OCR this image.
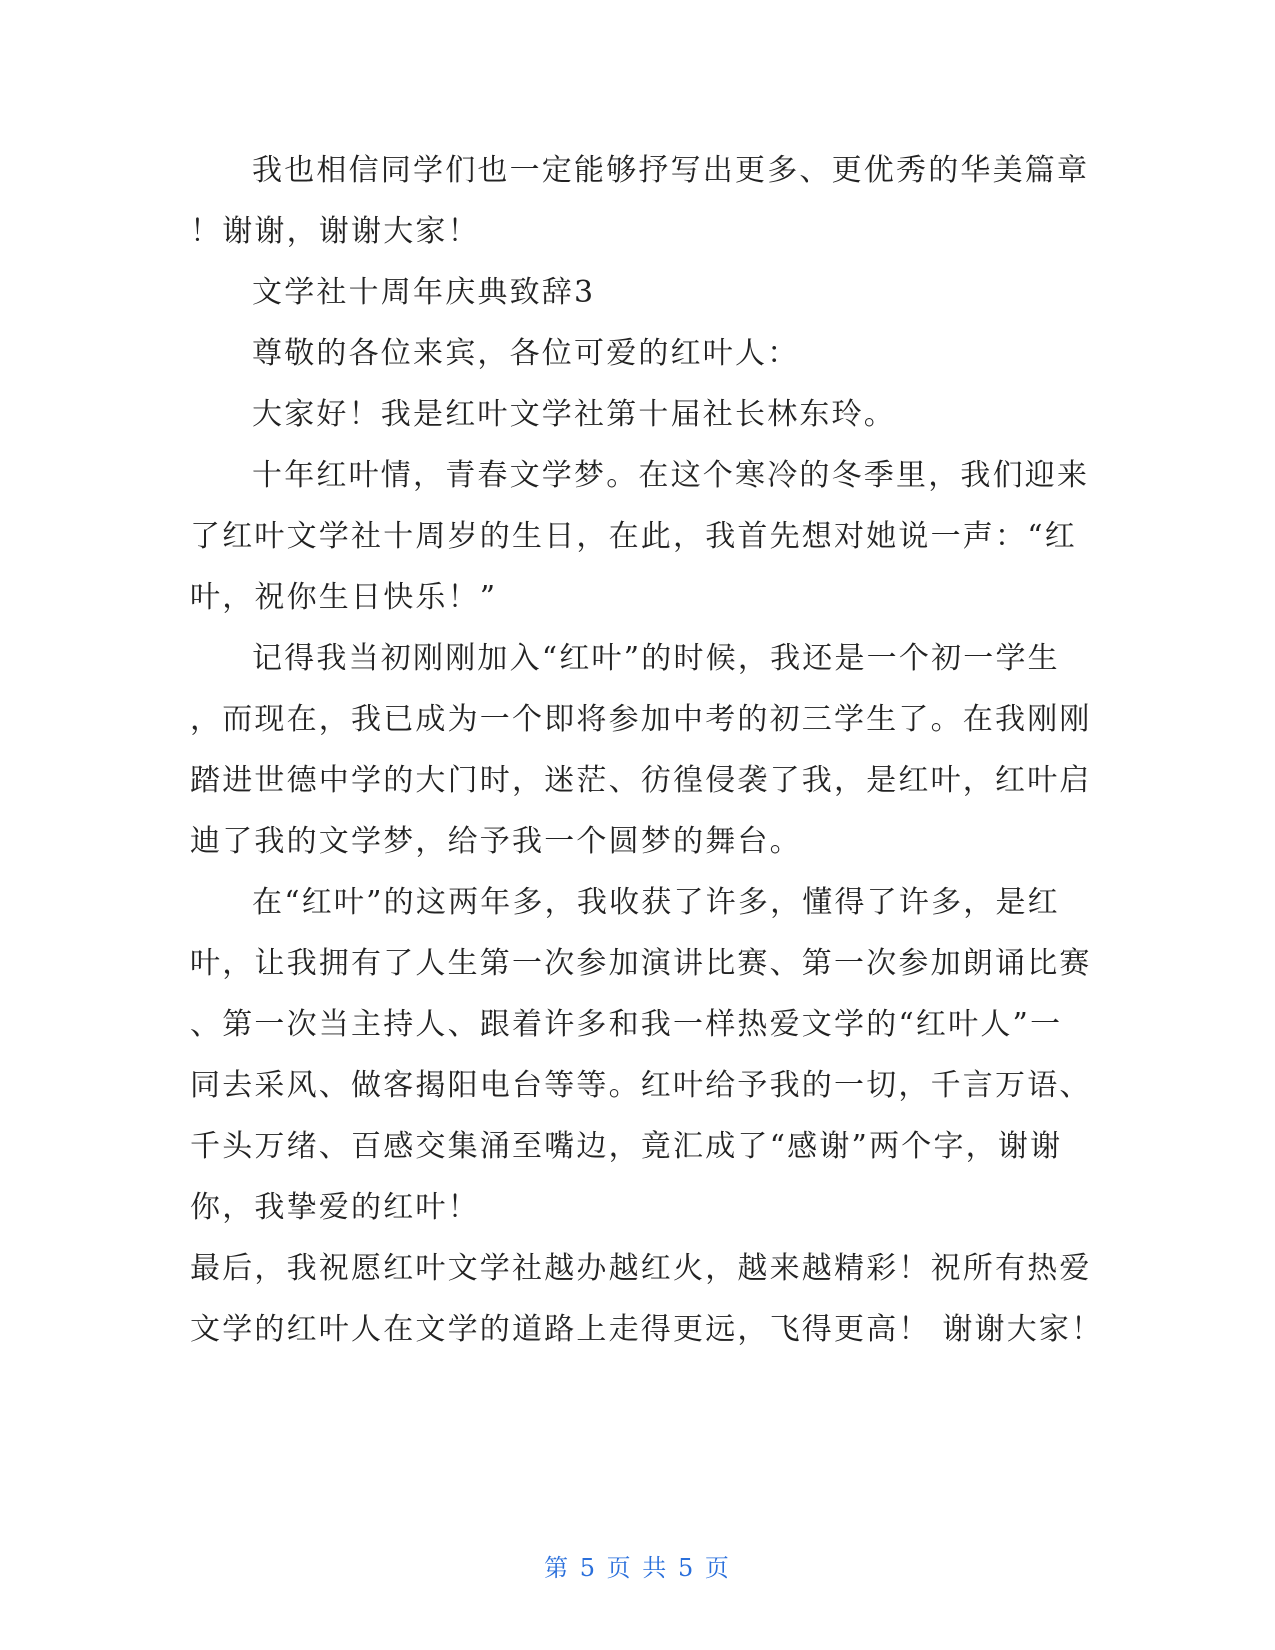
我也相信同学们也一定能够抒写出更多、更优秀的华美篇章
！谢谢，谢谢大家！
文学社十周年庆典致辞3
尊敬的各位来宾，各位可爱的红叶人：
大家好！我是红叶文学社第十届社长林东玲。
十年红叶情，青春文学梦。在这个寒冷的冬季里，我们迎来
了红叶文学社十周岁的生日，在此，我首先想对她说一声：“红
叶，祝你生日快乐！”
记得我当初刚刚加入“红叶”的时候，我还是一个初一学生
，而现在，我已成为一个即将参加中考的初三学生了。在我刚刚
踏进世德中学的大门时，迷茫、彷徨侵袭了我，是红叶，红叶启
迪了我的文学梦，给予我一个圆梦的舞台。
在“红叶”的这两年多，我收获了许多，懂得了许多，是红
叶，让我拥有了人生第一次参加演讲比赛、第一次参加朗诵比赛
、第一次当主持人、跟着许多和我一样热爱文学的“红叶人”一
同去采风、做客揭阳电台等等。红叶给予我的一切，千言万语、
千头万绪、百感交集涌至嘴边，竟汇成了“感谢”两个字，谢谢
你，我挚爱的红叶！
最后，我祝愿红叶文学社越办越红火，越来越精彩！祝所有热爱
文学的红叶人在文学的道路上走得更远，飞得更高！ 谢谢大家！
第 5 页 共 5 页
